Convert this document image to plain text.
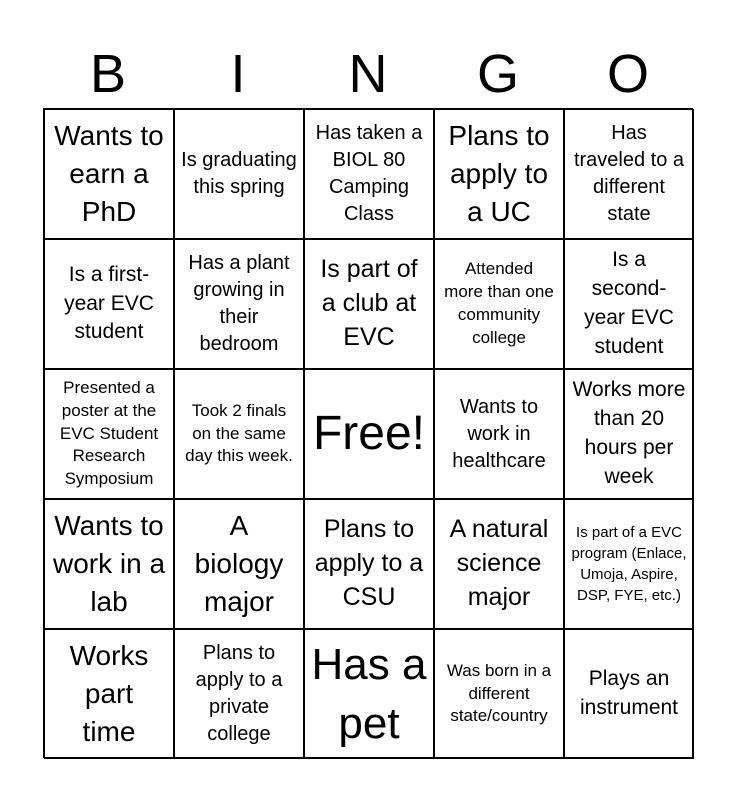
B	I	N	G	O
Wants to earn a PhD
Is graduating this spring
Has taken a BIOL 80 Camping Class
Plans to apply to a UC
Has traveled to a different state
Is a first-year EVC student
Has a plant growing in their bedroom
Is part of a club at EVC
Attended more than one community college
Is a second-year EVC student
Presented a poster at the EVC Student Research Symposium
Took 2 finals on the same day this week. Free!
Wants to work in healthcare
Works more than 20 hours per week
Wants to work in a lab
A biology major
Plans to apply to a CSU
A natural science major
Is part of a EVC program (Enlace, Umoja, Aspire, DSP, FYE, etc.)
Works part time
Plans to apply to a private college
Has a pet
Was born in a different state/country
Plays an instrument
